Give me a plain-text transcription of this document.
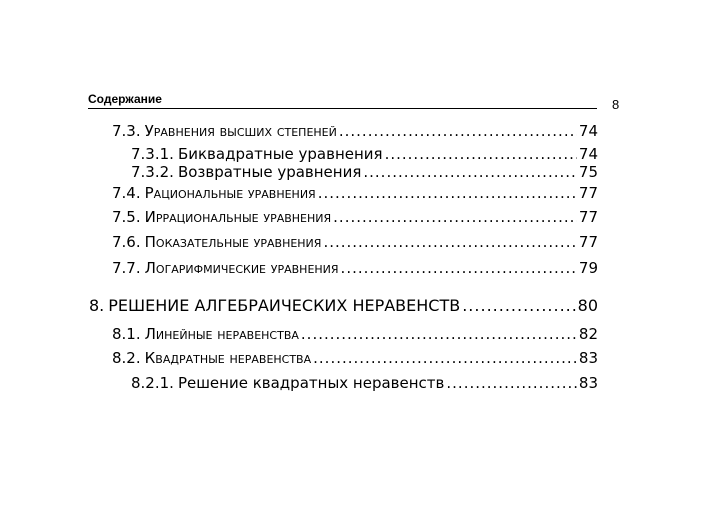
Содержание	8
7.3. Уравнения высших степеней .....	74
7.3.1. Биквадратные уравнения .....	74
7.3.2. Возвратные уравнения .....	75
7.4. Рациональные уравнения .....	77
7.5. Иррациональные уравнения .....	77
7.6. Показательные уравнения .....	77
7.7. Логарифмические уравнения .....	79
8. РЕШЕНИЕ АЛГЕБРАИЧЕСКИХ НЕРАВЕНСТВ .....	80
8.1. Линейные неравенства .....	82
8.2. Квадратные неравенства .....	83
8.2.1. Решение квадратных неравенств .....	83
